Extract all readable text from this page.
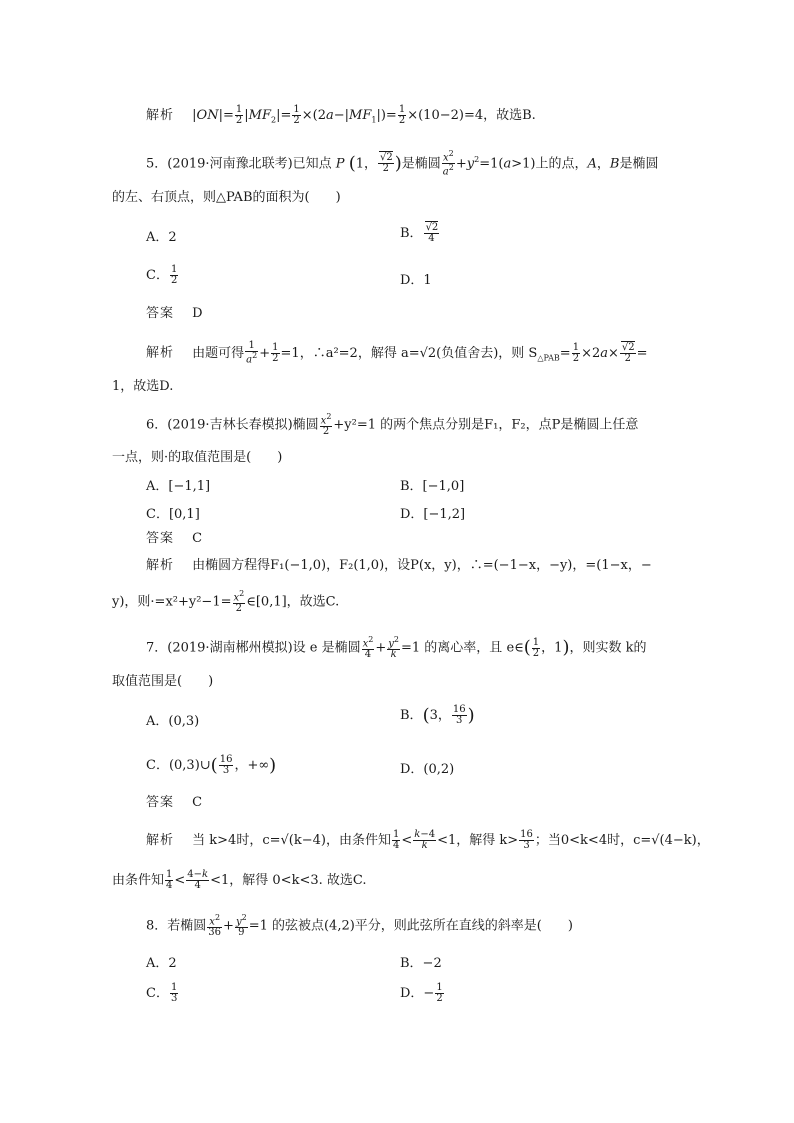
解析 $|ON|= \frac{1}{2} |MF_2|= \frac{1}{2} \times(2a-|MF_1|)= \frac{1}{2} \times(10-2)=4$，故选B.
5．(2019·河南豫北联考)已知点 P (1， $\frac{√2}{2}$ )是椭圆 $\frac{x^2}{a^2} +y^2=1(a>1)$上的点，A，B是椭圆
的左、右顶点，则△PAB的面积为(　　)
A．2	B． $\frac{√2}{4}$
C． $\frac{1}{2}$	D．1
答案 D
解析 由题可得 $\frac{1}{a^2} + \frac{1}{2} =1$，∴a²=2，解得 a=√2(负值舍去)，则 $S_{\triangle PAB}= \frac{1}{2} \times 2a\times \frac{√2}{2}$ =
1，故选D.
6．(2019·吉林长春模拟)椭圆 $\frac{x^2}{2} +y^2=1$ 的两个焦点分别是F₁，F₂，点P是椭圆上任意
一点，则·的取值范围是(　　)
A．[−1,1]	B．[−1,0]
C．[0,1]	D．[−1,2]
答案 C
解析 由椭圆方程得F₁(−1,0)，F₂(1,0)，设P(x，y)，∴=(−1−x，−y)，=(1−x，−
y)，则$\cdot=x^2+y^2-1= \frac{x^2}{2}$ ∈[0,1]，故选C.
7．(2019·湖南郴州模拟)设 e 是椭圆 $\frac{x^2}{4} + \frac{y^2}{k} =1$ 的离心率，且 e∈( $\frac{1}{2}$ ，1)，则实数 k的
取值范围是(　　)
A．(0,3)	B．(3， $\frac{16}{3}$ )
C．(0,3)∪( $\frac{16}{3}$ ，+∞)	D．(0,2)
答案 C
解析 当 k>4时，c=√(k−4)，由条件知 $\frac{1}{4} < \frac{k-4}{k} <1$，解得 $k> \frac{16}{3}$ ；当0<k<4时，c=√(4−k)，
由条件知 $\frac{1}{4} < \frac{4-k}{4} <1$，解得 0<k<3. 故选C.
8．若椭圆 $\frac{x^2}{36} + \frac{y^2}{9} =1$ 的弦被点(4,2)平分，则此弦所在直线的斜率是(　　)
A．2	B．−2
C． $\frac{1}{3}$	D．− $\frac{1}{2}$
